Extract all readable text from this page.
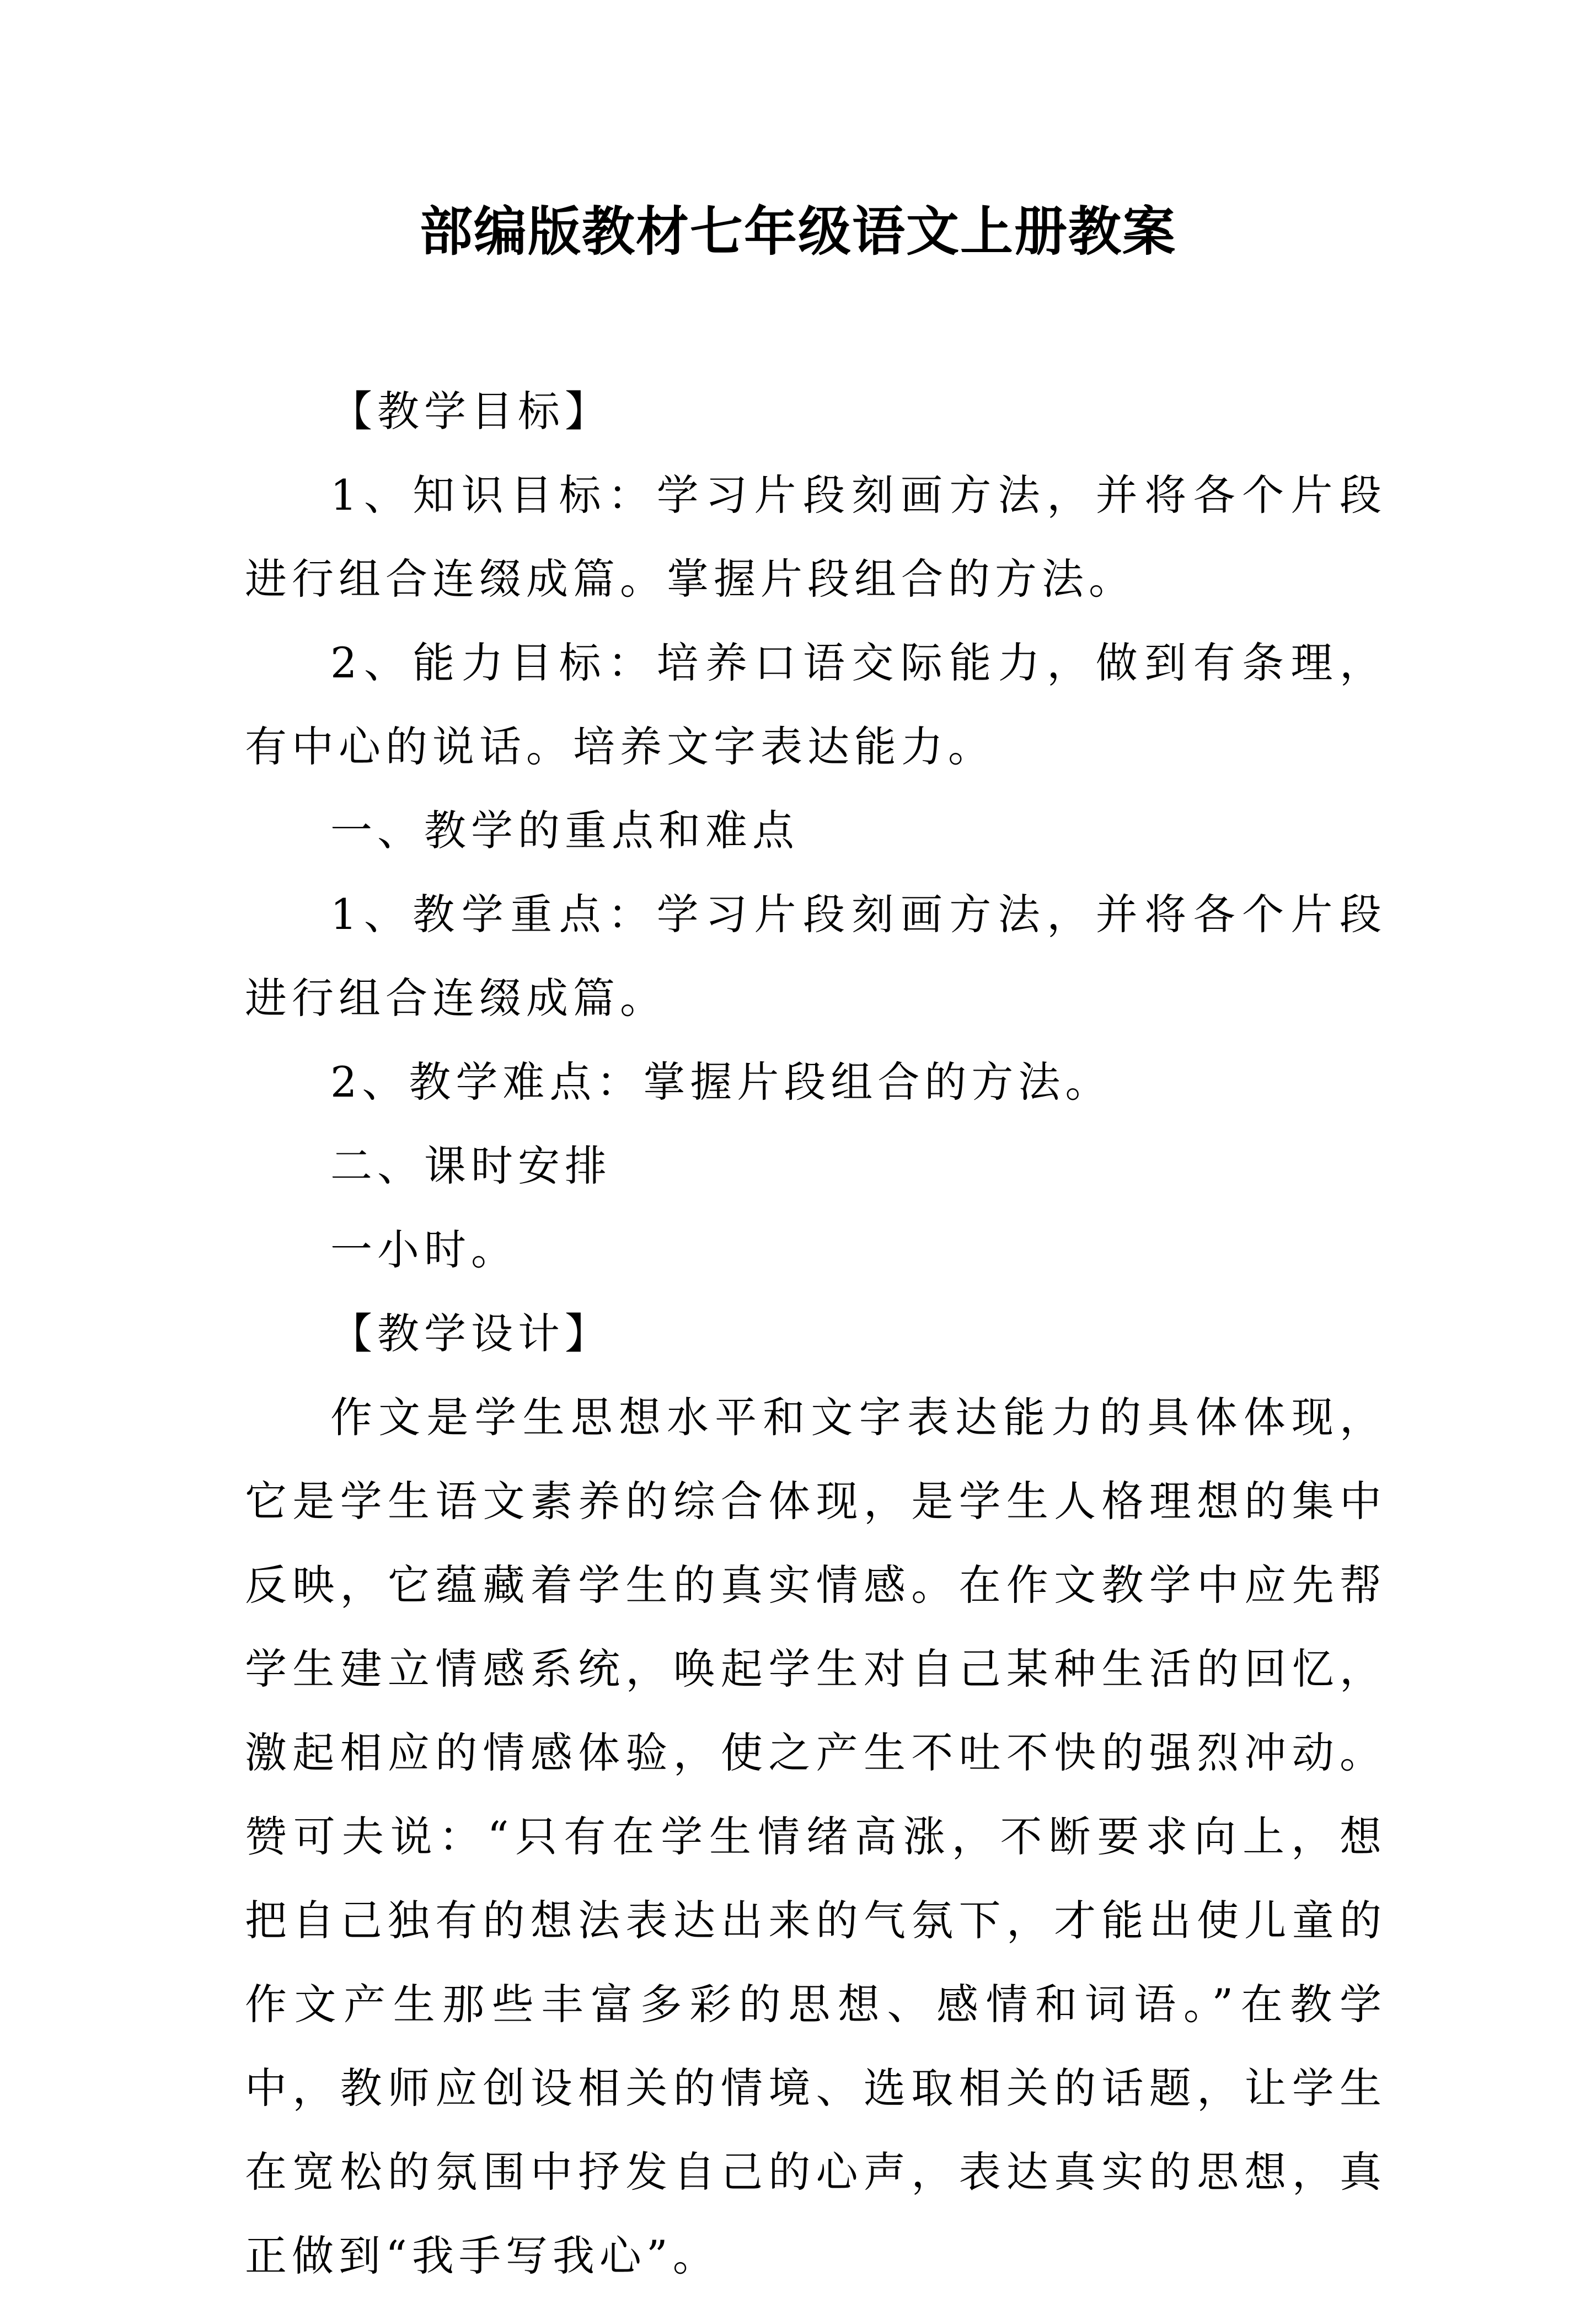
部编版教材七年级语文上册教案

【教学目标】

1、知识目标：学习片段刻画方法，并将各个片段进行组合连缀成篇。掌握片段组合的方法。

2、能力目标：培养口语交际能力，做到有条理，有中心的说话。培养文字表达能力。

一、教学的重点和难点

1、教学重点：学习片段刻画方法，并将各个片段进行组合连缀成篇。

2、教学难点：掌握片段组合的方法。

二、课时安排

一小时。

【教学设计】

作文是学生思想水平和文字表达能力的具体体现，它是学生语文素养的综合体现，是学生人格理想的集中反映，它蕴藏着学生的真实情感。在作文教学中应先帮学生建立情感系统，唤起学生对自己某种生活的回忆，激起相应的情感体验，使之产生不吐不快的强烈冲动。赞可夫说：“只有在学生情绪高涨，不断要求向上，想把自己独有的想法表达出来的气氛下，才能出使儿童的作文产生那些丰富多彩的思想、感情和词语。”在教学中，教师应创设相关的情境、选取相关的话题，让学生在宽松的氛围中抒发自己的心声，表达真实的思想，真正做到“我手写我心”。
